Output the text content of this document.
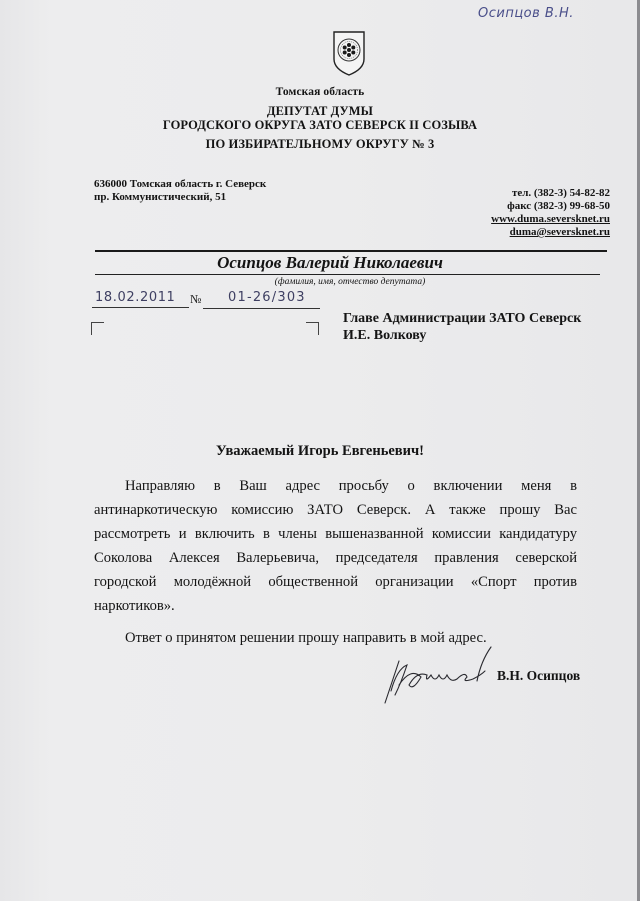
Осипцов В.Н.
Томская область
ДЕПУТАТ ДУМЫ
ГОРОДСКОГО ОКРУГА ЗАТО СЕВЕРСК II СОЗЫВА
ПО ИЗБИРАТЕЛЬНОМУ ОКРУГУ № 3
636000 Томская область г. Северск
пр. Коммунистический, 51	тел. (382-3) 54-82-82
факс (382-3) 99-68-50
www.duma.seversknet.ru
duma@seversknet.ru
Осипцов Валерий Николаевич
(фамилия, имя, отчество депутата)
18.02.2011 № 01-26/303
Главе Администрации ЗАТО Северск
И.Е. Волкову
Уважаемый Игорь Евгеньевич!

Направляю в Ваш адрес просьбу о включении меня в антинаркотическую комиссию ЗАТО Северск. А также прошу Вас рассмотреть и включить в члены вышеназванной комиссии кандидатуру Соколова Алексея Валерьевича, председателя правления северской городской молодёжной общественной организации «Спорт против наркотиков».

Ответ о принятом решении прошу направить в мой адрес.

В.Н. Осипцов
